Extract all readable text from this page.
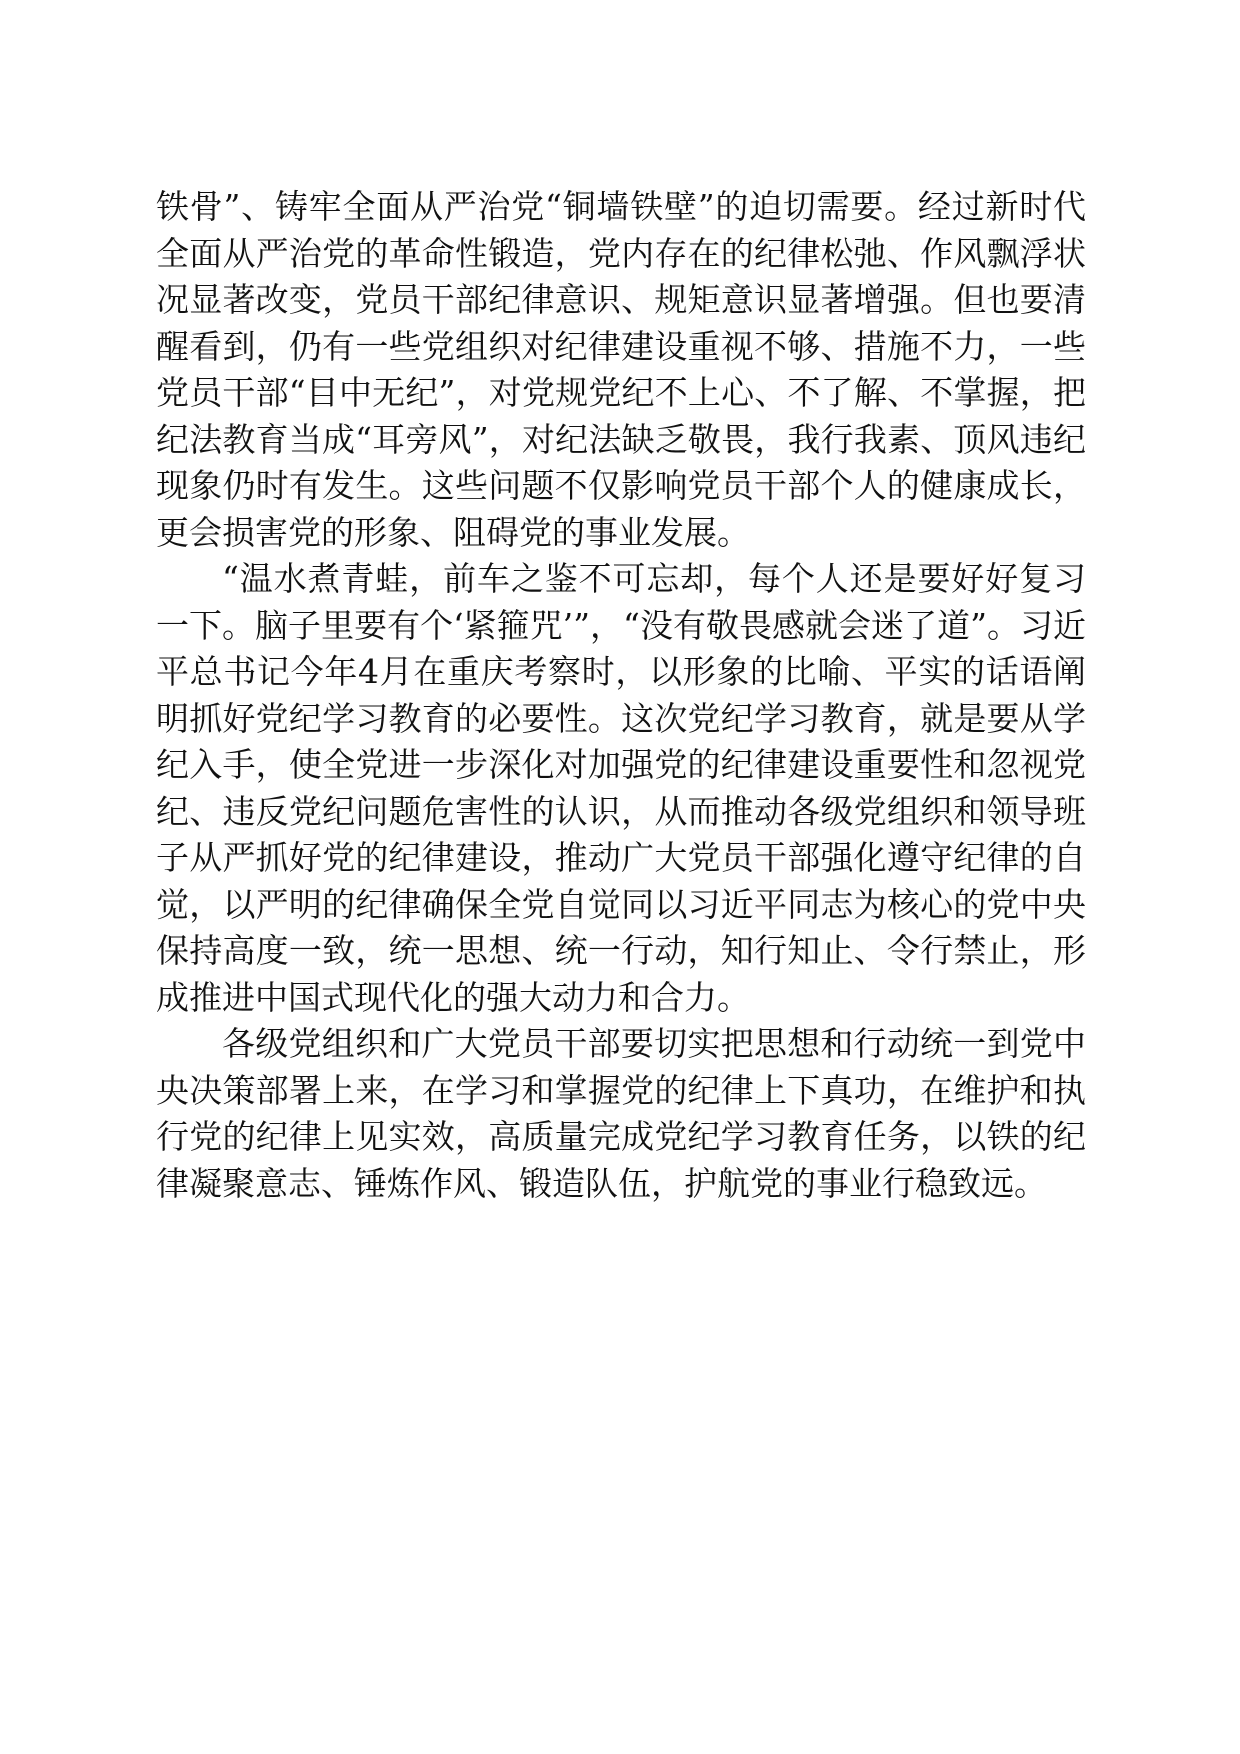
铁骨”、铸牢全面从严治党“铜墙铁壁”的迫切需要。经过新时代全面从严治党的革命性锻造，党内存在的纪律松弛、作风飘浮状况显著改变，党员干部纪律意识、规矩意识显著增强。但也要清醒看到，仍有一些党组织对纪律建设重视不够、措施不力，一些党员干部“目中无纪”，对党规党纪不上心、不了解、不掌握，把纪法教育当成“耳旁风”，对纪法缺乏敬畏，我行我素、顶风违纪现象仍时有发生。这些问题不仅影响党员干部个人的健康成长，更会损害党的形象、阻碍党的事业发展。

“温水煮青蛙，前车之鉴不可忘却，每个人还是要好好复习一下。脑子里要有个‘紧箍咒’”，“没有敬畏感就会迷了道”。习近平总书记今年4月在重庆考察时，以形象的比喻、平实的话语阐明抓好党纪学习教育的必要性。这次党纪学习教育，就是要从学纪入手，使全党进一步深化对加强党的纪律建设重要性和忽视党纪、违反党纪问题危害性的认识，从而推动各级党组织和领导班子从严抓好党的纪律建设，推动广大党员干部强化遵守纪律的自觉，以严明的纪律确保全党自觉同以习近平同志为核心的党中央保持高度一致，统一思想、统一行动，知行知止、令行禁止，形成推进中国式现代化的强大动力和合力。

各级党组织和广大党员干部要切实把思想和行动统一到党中央决策部署上来，在学习和掌握党的纪律上下真功，在维护和执行党的纪律上见实效，高质量完成党纪学习教育任务，以铁的纪律凝聚意志、锤炼作风、锻造队伍，护航党的事业行稳致远。
